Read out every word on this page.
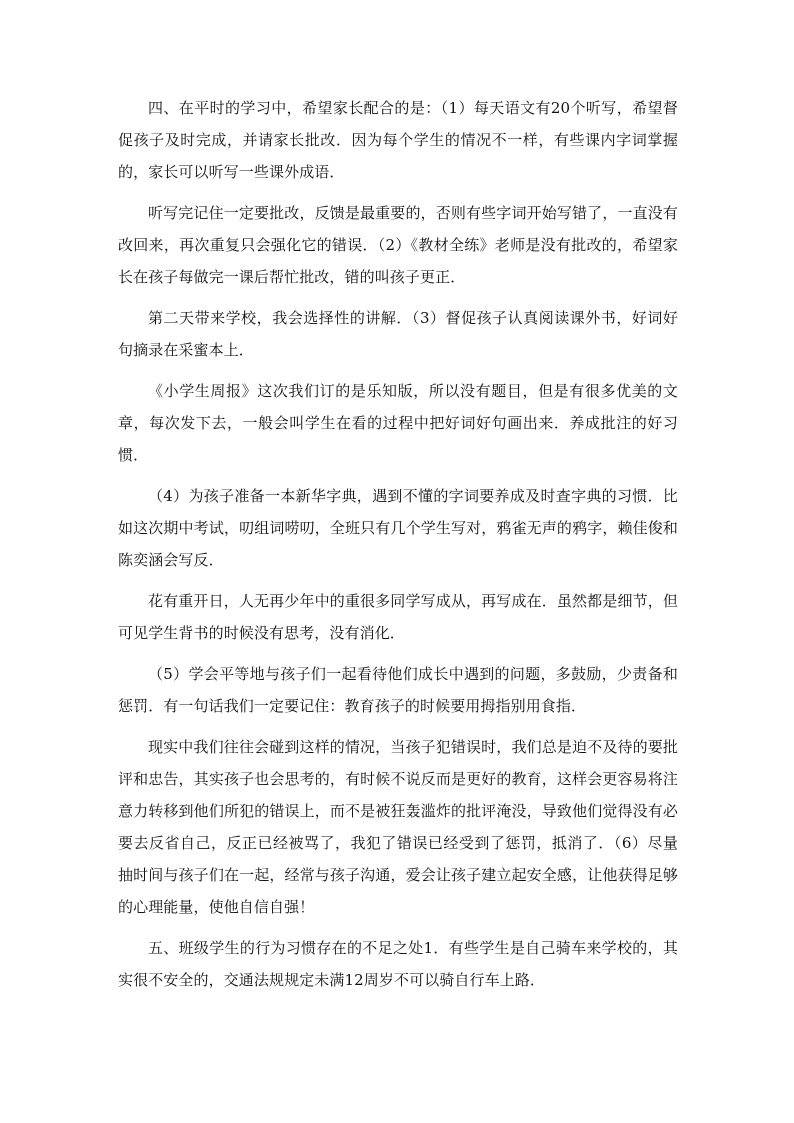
四、在平时的学习中，希望家长配合的是：（1）每天语文有20个听写，希望督促孩子及时完成，并请家长批改．因为每个学生的情况不一样，有些课内字词掌握的，家长可以听写一些课外成语．

听写完记住一定要批改，反馈是最重要的，否则有些字词开始写错了，一直没有改回来，再次重复只会强化它的错误．（2）《教材全练》老师是没有批改的，希望家长在孩子每做完一课后帮忙批改，错的叫孩子更正．

第二天带来学校，我会选择性的讲解．（3）督促孩子认真阅读课外书，好词好句摘录在采蜜本上．

《小学生周报》这次我们订的是乐知版，所以没有题目，但是有很多优美的文章，每次发下去，一般会叫学生在看的过程中把好词好句画出来．养成批注的好习惯．

（4）为孩子准备一本新华字典，遇到不懂的字词要养成及时查字典的习惯．比如这次期中考试，叨组词唠叨，全班只有几个学生写对，鸦雀无声的鸦字，赖佳俊和陈奕涵会写反．

花有重开日，人无再少年中的重很多同学写成从，再写成在．虽然都是细节，但可见学生背书的时候没有思考，没有消化．

（5）学会平等地与孩子们一起看待他们成长中遇到的问题，多鼓励，少责备和惩罚．有一句话我们一定要记住：教育孩子的时候要用拇指别用食指．

现实中我们往往会碰到这样的情况，当孩子犯错误时，我们总是迫不及待的要批评和忠告，其实孩子也会思考的，有时候不说反而是更好的教育，这样会更容易将注意力转移到他们所犯的错误上，而不是被狂轰滥炸的批评淹没，导致他们觉得没有必要去反省自己，反正已经被骂了，我犯了错误已经受到了惩罚，抵消了．（6）尽量抽时间与孩子们在一起，经常与孩子沟通，爱会让孩子建立起安全感，让他获得足够的心理能量，使他自信自强！

五、班级学生的行为习惯存在的不足之处1．有些学生是自己骑车来学校的，其实很不安全的，交通法规规定未满12周岁不可以骑自行车上路．
